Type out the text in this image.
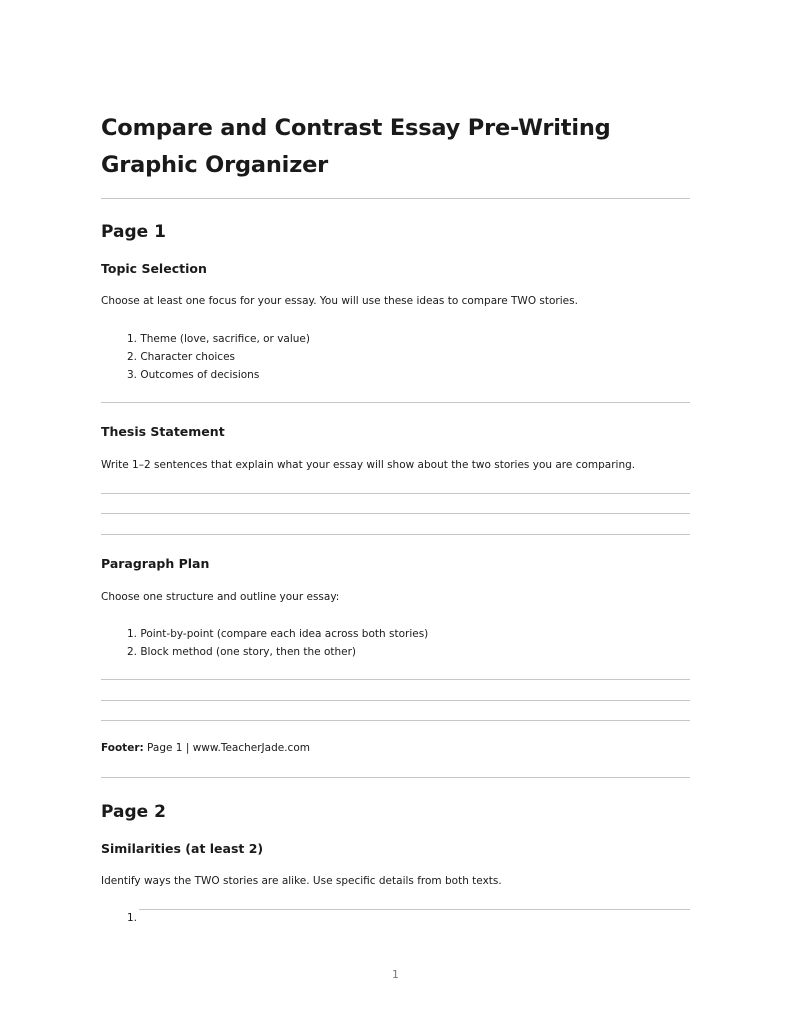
Compare and Contrast Essay Pre-Writing Graphic Organizer
Page 1
Topic Selection

Choose at least one focus for your essay. You will use these ideas to compare TWO stories.

1. Theme (love, sacrifice, or value)
2. Character choices
3. Outcomes of decisions
Thesis Statement

Write 1–2 sentences that explain what your essay will show about the two stories you are comparing.

Paragraph Plan

Choose one structure and outline your essay:

1. Point-by-point (compare each idea across both stories)
2. Block method (one story, then the other)

Footer: Page 1 | www.TeacherJade.com

Page 2
Similarities (at least 2)

Identify ways the TWO stories are alike. Use specific details from both texts.

1.
1
